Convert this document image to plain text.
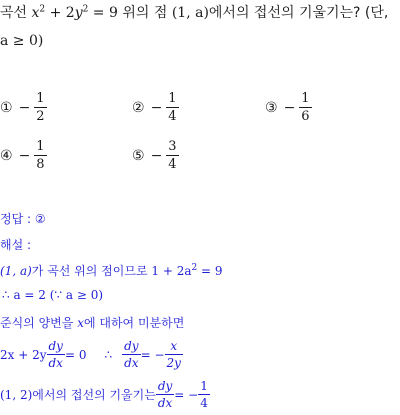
곡선 $x^2 + 2y^2 = 9$ 위의 점 (1, a)에서의 접선의 기울기는? (단,
a ≥ 0)
① − $\frac{1}{2}$	② − $\frac{1}{4}$	③ − $\frac{1}{6}$
④ − $\frac{1}{8}$	⑤ − $\frac{3}{4}$
정답 : ②
해설 :
(1, a)가 곡선 위의 점이므로 $1 + 2a^2 = 9$
∴ a = 2 (∵ a ≥ 0)
준식의 양변을 x에 대하여 미분하면
$2x + 2y \frac{dy}{dx} = 0$ ∴ $\frac{dy}{dx}$ = − $\frac{x}{2y}$
(1, 2) 에서의 접선의 기울기는 $\frac{dy}{dx}$ = − $\frac{1}{4}$
